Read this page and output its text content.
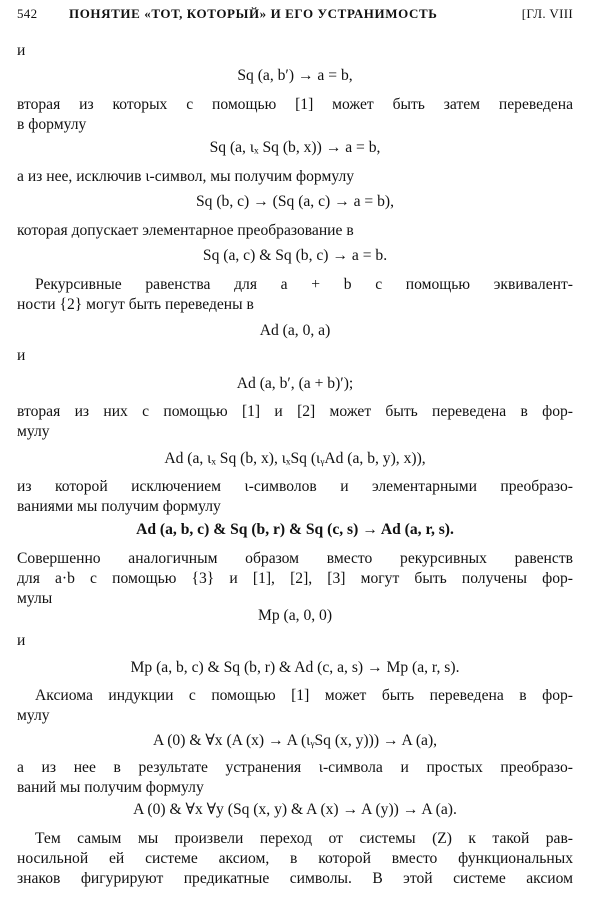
542 ПОНЯТИЕ «ТОТ, КОТОРЫЙ» И ЕГО УСТРАНИМОСТЬ	[ГЛ. VIII
и
Sq (a, b′) → a = b,
вторая из которых с помощью [1] может быть затем переведена
в формулу
Sq (a, ιₓ Sq (b, x)) → a = b,
а из нее, исключив ι-символ, мы получим формулу
Sq (b, c) → (Sq (a, c) → a = b),
которая допускает элементарное преобразование в
Sq (a, c) & Sq (b, c) → a = b.
Рекурсивные равенства для a + b с помощью эквивалент-
ности {2} могут быть переведены в
Ad (a, 0, a)
и
Ad (a, b′, (a + b)′);
вторая из них с помощью [1] и [2] может быть переведена в фор-
мулу
Ad (a, ιₓ Sq (b, x), ιₓSq (ιᵧAd (a, b, y), x)),
из которой исключением ι-символов и элементарными преобразо-
ваниями мы получим формулу
Ad (a, b, c) & Sq (b, r) & Sq (c, s) → Ad (a, r, s).
Совершенно аналогичным образом вместо рекурсивных равенств
для a·b с помощью {3} и [1], [2], [3] могут быть получены фор-
мулы
Mp (a, 0, 0)
и
Mp (a, b, c) & Sq (b, r) & Ad (c, a, s) → Mp (a, r, s).
Аксиома индукции с помощью [1] может быть переведена в фор-
мулу
A (0) & ∀x (A (x) → A (ιᵧSq (x, y))) → A (a),
а из нее в результате устранения ι-символа и простых преобразо-
ваний мы получим формулу
A (0) & ∀x ∀y (Sq (x, y) & A (x) → A (y)) → A (a).
Тем самым мы произвели переход от системы (Z) к такой рав-
носильной ей системе аксиом, в которой вместо функциональных
знаков фигурируют предикатные символы. В этой системе аксиом
